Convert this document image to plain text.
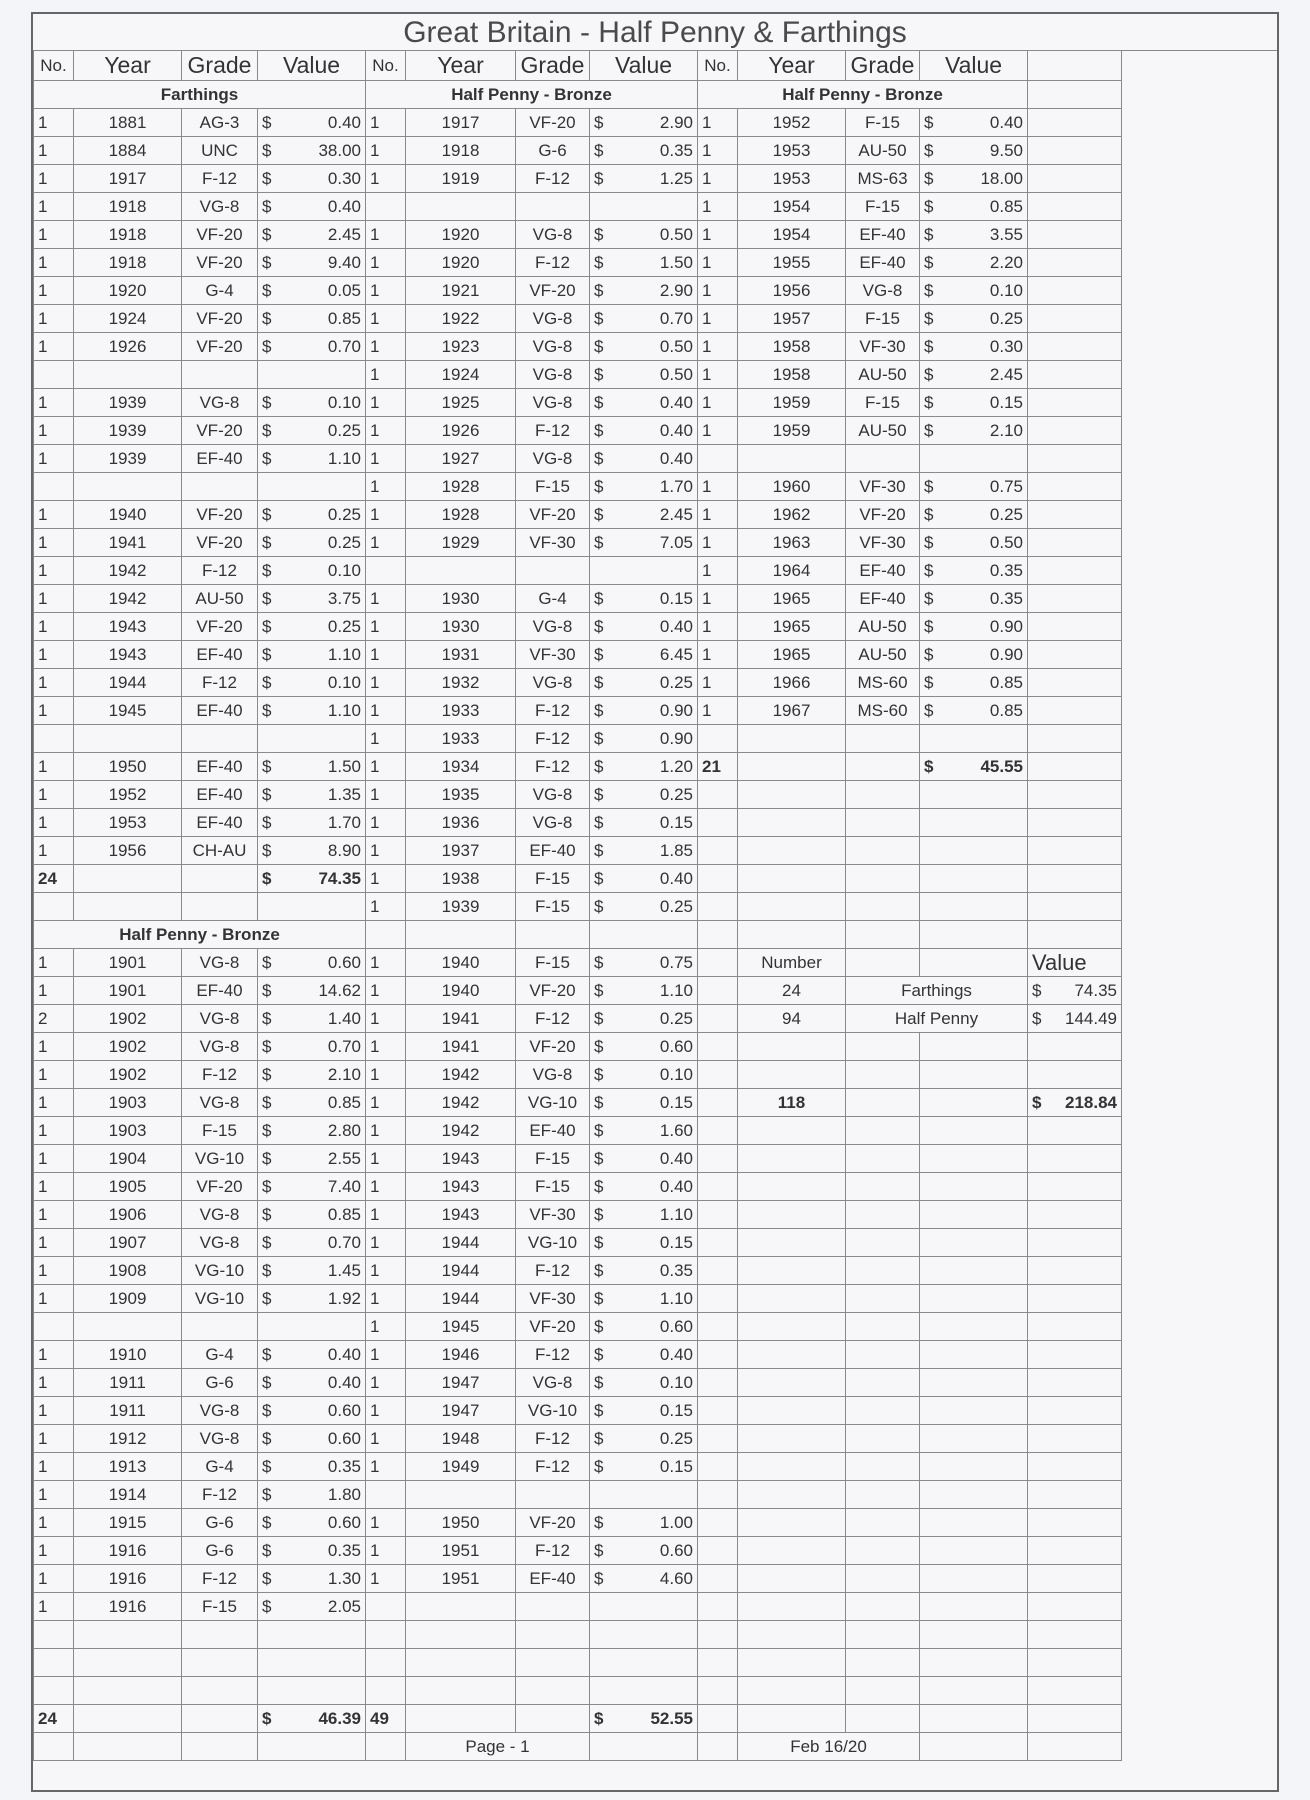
Great Britain - Half Penny & Farthings
No.	Year	Grade	Value	No.	Year	Grade	Value	No.	Year	Grade	Value	
Farthings				Half Penny - Bronze				Half Penny - Bronze				
1	1881	AG-3	$ 0.40	1	1917	VF-20	$ 2.90	1	1952	F-15	$ 0.40	

1	1884	UNC	$ 38.00	1	1918	G-6	$ 0.35	1	1953	AU-50	$ 9.50	

1	1917	F-12	$ 0.30	1	1919	F-12	$ 1.25	1	1953	MS-63	$ 18.00	

1	1918	VG-8	$ 0.40					1	1954	F-15	$ 0.85	

1	1918	VF-20	$ 2.45	1	1920	VG-8	$ 0.50	1	1954	EF-40	$ 3.55	

1	1918	VF-20	$ 9.40	1	1920	F-12	$ 1.50	1	1955	EF-40	$ 2.20	

1	1920	G-4	$ 0.05	1	1921	VF-20	$ 2.90	1	1956	VG-8	$ 0.10	

1	1924	VF-20	$ 0.85	1	1922	VG-8	$ 0.70	1	1957	F-15	$ 0.25	

1	1926	VF-20	$ 0.70	1	1923	VG-8	$ 0.50	1	1958	VF-30	$ 0.30	

				1	1924	VG-8	$ 0.50	1	1958	AU-50	$ 2.45	

1	1939	VG-8	$ 0.10	1	1925	VG-8	$ 0.40	1	1959	F-15	$ 0.15	

1	1939	VF-20	$ 0.25	1	1926	F-12	$ 0.40	1	1959	AU-50	$ 2.10	

1	1939	EF-40	$ 1.10	1	1927	VG-8	$ 0.40					

				1	1928	F-15	$ 1.70	1	1960	VF-30	$ 0.75	

1	1940	VF-20	$ 0.25	1	1928	VF-20	$ 2.45	1	1962	VF-20	$ 0.25	

1	1941	VF-20	$ 0.25	1	1929	VF-30	$ 7.05	1	1963	VF-30	$ 0.50	

1	1942	F-12	$ 0.10					1	1964	EF-40	$ 0.35	

1	1942	AU-50	$ 3.75	1	1930	G-4	$ 0.15	1	1965	EF-40	$ 0.35	

1	1943	VF-20	$ 0.25	1	1930	VG-8	$ 0.40	1	1965	AU-50	$ 0.90	

1	1943	EF-40	$ 1.10	1	1931	VF-30	$ 6.45	1	1965	AU-50	$ 0.90	

1	1944	F-12	$ 0.10	1	1932	VG-8	$ 0.25	1	1966	MS-60	$ 0.85	

1	1945	EF-40	$ 1.10	1	1933	F-12	$ 0.90	1	1967	MS-60	$ 0.85	

				1	1933	F-12	$ 0.90					

1	1950	EF-40	$ 1.50	1	1934	F-12	$ 1.20	21			$ 45.55	

1	1952	EF-40	$ 1.35	1	1935	VG-8	$ 0.25					

1	1953	EF-40	$ 1.70	1	1936	VG-8	$ 0.15					

1	1956	CH-AU	$ 8.90	1	1937	EF-40	$ 1.85					

24			$ 74.35	1	1938	F-15	$ 0.40					

				1	1939	F-15	$ 0.25					

Half Penny - Bronze												
1	1901	VG-8	$ 0.60	1	1940	F-15	$ 0.75		Number			Value
1	1901	EF-40	$ 14.62	1	1940	VF-20	$ 1.10		24	Farthings		$ 74.35

2	1902	VG-8	$ 1.40	1	1941	F-12	$ 0.25		94	Half Penny		$ 144.49

1	1902	VG-8	$ 0.70	1	1941	VF-20	$ 0.60					

1	1902	F-12	$ 2.10	1	1942	VG-8	$ 0.10					

1	1903	VG-8	$ 0.85	1	1942	VG-10	$ 0.15		118			$ 218.84

1	1903	F-15	$ 2.80	1	1942	EF-40	$ 1.60					

1	1904	VG-10	$ 2.55	1	1943	F-15	$ 0.40					

1	1905	VF-20	$ 7.40	1	1943	F-15	$ 0.40					

1	1906	VG-8	$ 0.85	1	1943	VF-30	$ 1.10					

1	1907	VG-8	$ 0.70	1	1944	VG-10	$ 0.15					

1	1908	VG-10	$ 1.45	1	1944	F-12	$ 0.35					

1	1909	VG-10	$ 1.92	1	1944	VF-30	$ 1.10					

				1	1945	VF-20	$ 0.60					

1	1910	G-4	$ 0.40	1	1946	F-12	$ 0.40					

1	1911	G-6	$ 0.40	1	1947	VG-8	$ 0.10					

1	1911	VG-8	$ 0.60	1	1947	VG-10	$ 0.15					

1	1912	VG-8	$ 0.60	1	1948	F-12	$ 0.25					

1	1913	G-4	$ 0.35	1	1949	F-12	$ 0.15					

1	1914	F-12	$ 1.80									

1	1915	G-6	$ 0.60	1	1950	VF-20	$ 1.00					

1	1916	G-6	$ 0.35	1	1951	F-12	$ 0.60					

1	1916	F-12	$ 1.30	1	1951	EF-40	$ 4.60					

1	1916	F-15	$ 2.05									

24			$ 46.39	49			$ 52.55					

					Page - 1				Feb 16/20			
